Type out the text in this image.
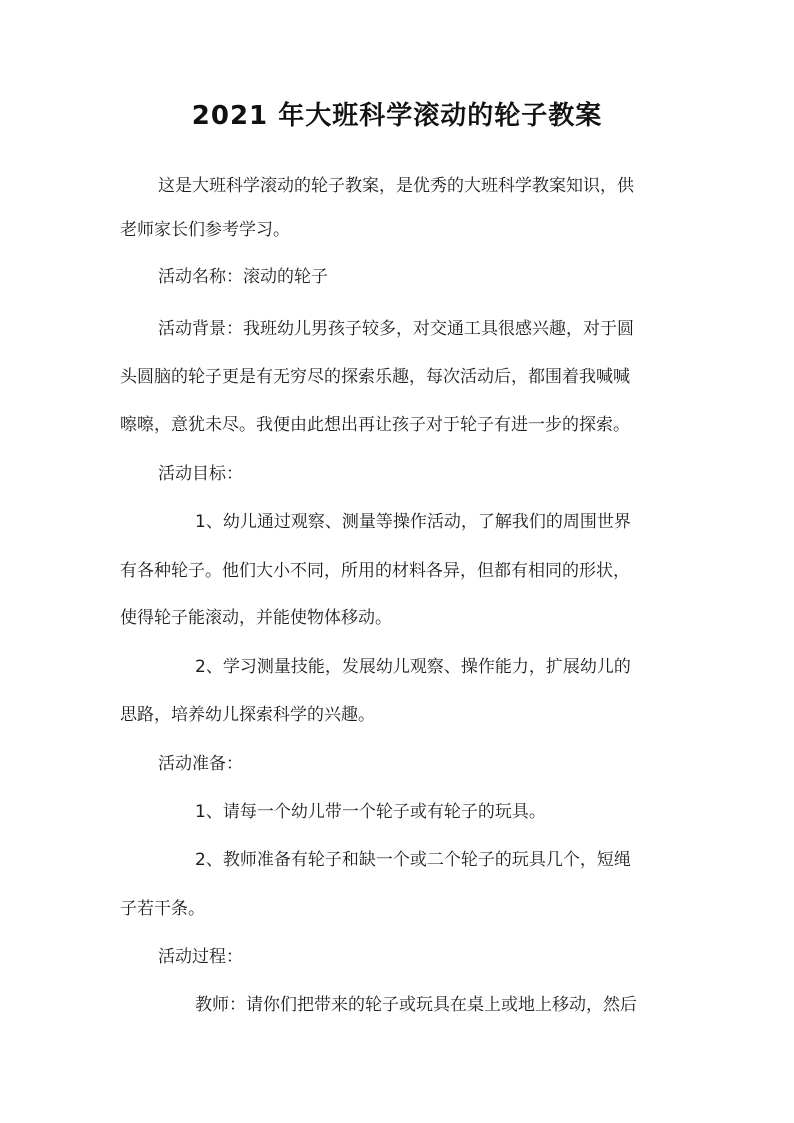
2021 年大班科学滚动的轮子教案

这是大班科学滚动的轮子教案，是优秀的大班科学教案知识，供

老师家长们参考学习。

活动名称：滚动的轮子

活动背景：我班幼儿男孩子较多，对交通工具很感兴趣，对于圆

头圆脑的轮子更是有无穷尽的探索乐趣，每次活动后，都围着我喊喊

嚓嚓，意犹未尽。我便由此想出再让孩子对于轮子有进一步的探索。

活动目标：

1、幼儿通过观察、测量等操作活动，了解我们的周围世界

有各种轮子。他们大小不同，所用的材料各异，但都有相同的形状，

使得轮子能滚动，并能使物体移动。

2、学习测量技能，发展幼儿观察、操作能力，扩展幼儿的

思路，培养幼儿探索科学的兴趣。

活动准备：

1、请每一个幼儿带一个轮子或有轮子的玩具。

2、教师准备有轮子和缺一个或二个轮子的玩具几个，短绳

子若干条。

活动过程：

教师：请你们把带来的轮子或玩具在桌上或地上移动，然后
